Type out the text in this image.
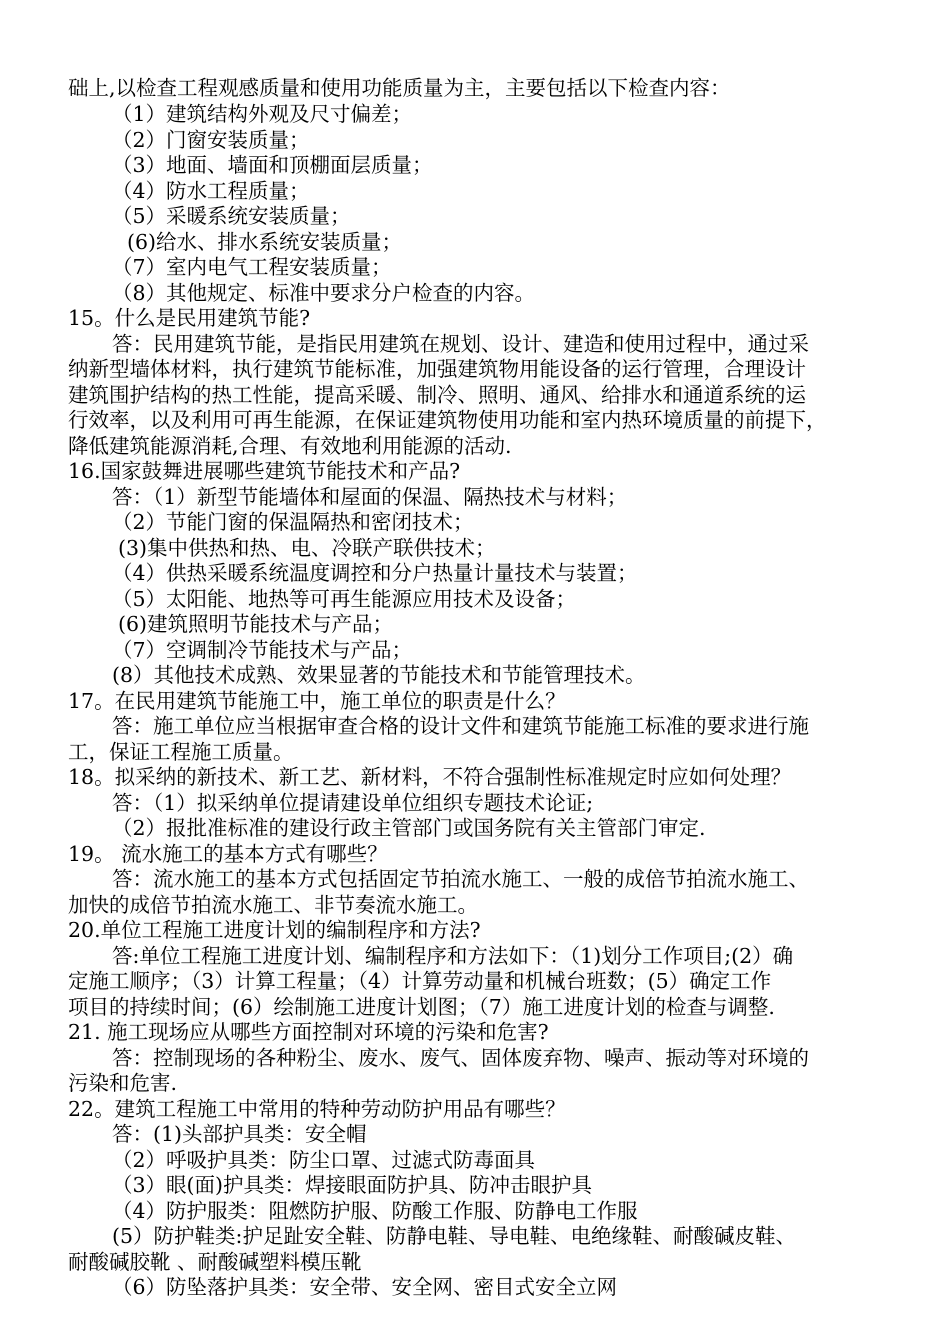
础上,以检查工程观感质量和使用功能质量为主，主要包括以下检查内容：
（1）建筑结构外观及尺寸偏差；
（2）门窗安装质量；
（3）地面、墙面和顶棚面层质量；
（4）防水工程质量；
（5）采暖系统安装质量；
(6)给水、排水系统安装质量；
（7）室内电气工程安装质量；
（8）其他规定、标准中要求分户检查的内容。
15。什么是民用建筑节能?
答：民用建筑节能，是指民用建筑在规划、设计、建造和使用过程中，通过采
纳新型墙体材料，执行建筑节能标准，加强建筑物用能设备的运行管理，合理设计
建筑围护结构的热工性能，提高采暖、制冷、照明、通风、给排水和通道系统的运
行效率，以及利用可再生能源，在保证建筑物使用功能和室内热环境质量的前提下，
降低建筑能源消耗,合理、有效地利用能源的活动.
16.国家鼓舞进展哪些建筑节能技术和产品?
答：（1）新型节能墙体和屋面的保温、隔热技术与材料；
（2）节能门窗的保温隔热和密闭技术；
(3)集中供热和热、电、冷联产联供技术；
（4）供热采暖系统温度调控和分户热量计量技术与装置；
（5）太阳能、地热等可再生能源应用技术及设备；
(6)建筑照明节能技术与产品；
（7）空调制冷节能技术与产品；
(8）其他技术成熟、效果显著的节能技术和节能管理技术。
17。在民用建筑节能施工中，施工单位的职责是什么？
答：施工单位应当根据审查合格的设计文件和建筑节能施工标准的要求进行施
工，保证工程施工质量。
18。拟采纳的新技术、新工艺、新材料，不符合强制性标准规定时应如何处理？
答：（1）拟采纳单位提请建设单位组织专题技术论证;
（2）报批准标准的建设行政主管部门或国务院有关主管部门审定.
19。 流水施工的基本方式有哪些？
答：流水施工的基本方式包括固定节拍流水施工、一般的成倍节拍流水施工、
加快的成倍节拍流水施工、非节奏流水施工。
20.单位工程施工进度计划的编制程序和方法?
答:单位工程施工进度计划、编制程序和方法如下：（1)划分工作项目;(2）确
定施工顺序；（3）计算工程量；（4）计算劳动量和机械台班数；(5）确定工作
项目的持续时间；(6）绘制施工进度计划图；（7）施工进度计划的检查与调整.
21. 施工现场应从哪些方面控制对环境的污染和危害?
答：控制现场的各种粉尘、废水、废气、固体废弃物、噪声、振动等对环境的
污染和危害.
22。建筑工程施工中常用的特种劳动防护用品有哪些？
答：(1)头部护具类：安全帽
（2）呼吸护具类：防尘口罩、过滤式防毒面具
（3）眼(面)护具类：焊接眼面防护具、防冲击眼护具
（4）防护服类：阻燃防护服、防酸工作服、防静电工作服
(5）防护鞋类:护足趾安全鞋、防静电鞋、导电鞋、电绝缘鞋、耐酸碱皮鞋、
耐酸碱胶靴 、耐酸碱塑料模压靴
（6）防坠落护具类：安全带、安全网、密目式安全立网
